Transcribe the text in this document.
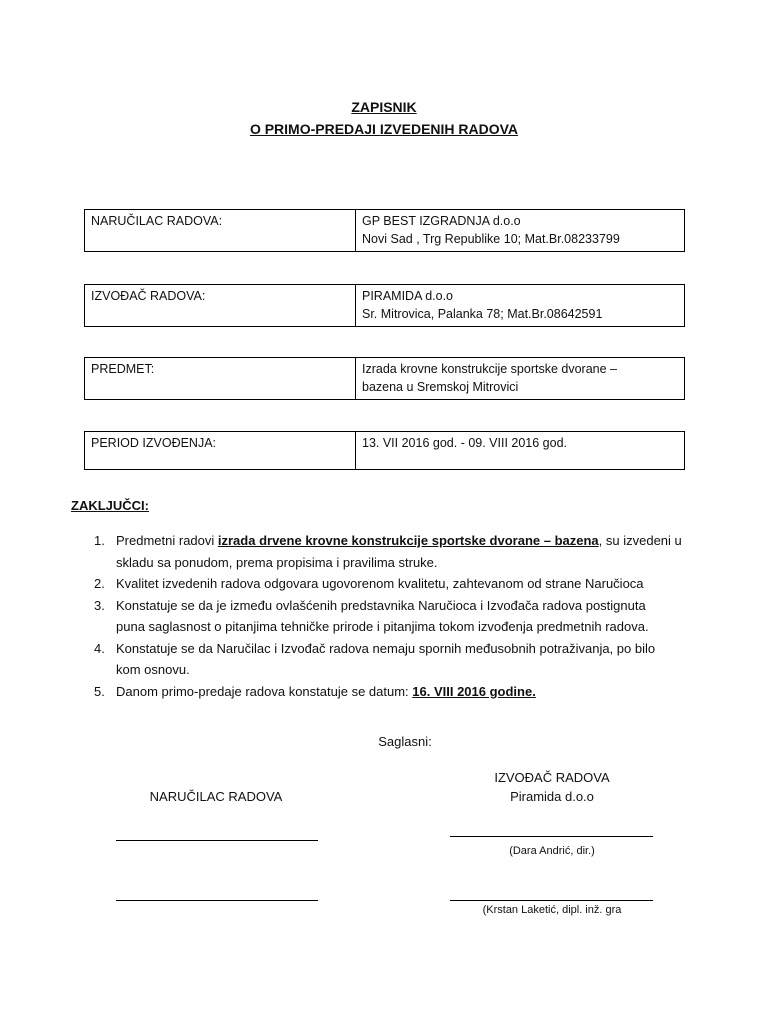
ZAPISNIK
O PRIMO-PREDAJI IZVEDENIH RADOVA
NARUČILAC RADOVA:	GP BEST IZGRADNJA d.o.o
Novi Sad , Trg Republike 10; Mat.Br.08233799
IZVOĐAČ RADOVA:	PIRAMIDA d.o.o
Sr. Mitrovica, Palanka 78; Mat.Br.08642591
PREDMET:	Izrada krovne konstrukcije sportske dvorane –
bazena u Sremskoj Mitrovici
PERIOD IZVOĐENJA:	13. VII 2016 god. - 09. VIII 2016 god.
ZAKLJUČCI:
1. Predmetni radovi izrada drvene krovne konstrukcije sportske dvorane – bazena, su izvedeni u
skladu sa ponudom, prema propisima i pravilima struke.
2. Kvalitet izvedenih radova odgovara ugovorenom kvalitetu, zahtevanom od strane Naručioca
3. Konstatuje se da je između ovlašćenih predstavnika Naručioca i Izvođača radova postignuta
puna saglasnost o pitanjima tehničke prirode i pitanjima tokom izvođenja predmetnih radova.
4. Konstatuje se da Naručilac i Izvođač radova nemaju spornih međusobnih potraživanja, po bilo
kom osnovu.
5. Danom primo-predaje radova konstatuje se datum: 16. VIII 2016 godine.
Saglasni:
NARUČILAC RADOVA
IZVOĐAČ RADOVA
Piramida d.o.o
(Dara Andrić, dir.)
(Krstan Laketić, dipl. inž. gra
